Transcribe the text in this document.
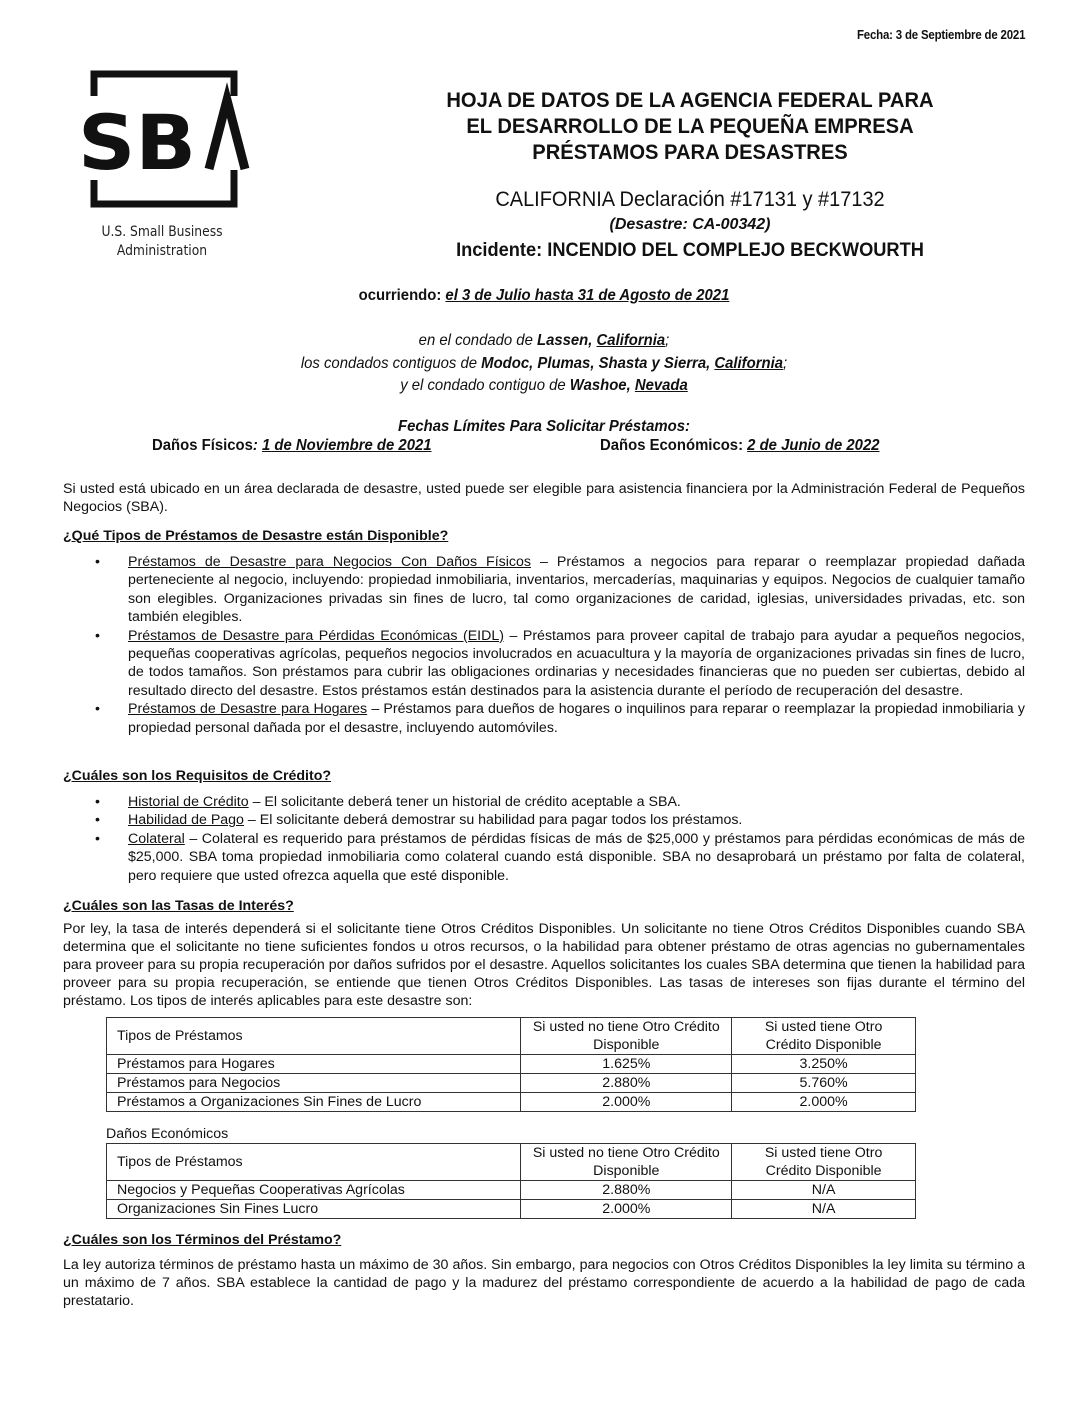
Fecha: 3 de Septiembre de 2021
SB
U.S. Small Business
Administration
HOJA DE DATOS DE LA AGENCIA FEDERAL PARA
EL DESARROLLO DE LA PEQUEÑA EMPRESA
PRÉSTAMOS PARA DESASTRES
CALIFORNIA Declaración #17131 y #17132
(Desastre: CA-00342)
Incidente: INCENDIO DEL COMPLEJO BECKWOURTH
ocurriendo: el 3 de Julio hasta 31 de Agosto de 2021
en el condado de Lassen, California;
los condados contiguos de Modoc, Plumas, Shasta y Sierra, California;
y el condado contiguo de Washoe, Nevada
Fechas Límites Para Solicitar Préstamos:
Daños Físicos: 1 de Noviembre de 2021	Daños Económicos: 2 de Junio de 2022
Si usted está ubicado en un área declarada de desastre, usted puede ser elegible para asistencia financiera por la Administración Federal de Pequeños Negocios (SBA).
¿Qué Tipos de Préstamos de Desastre están Disponible?
• Préstamos de Desastre para Negocios Con Daños Físicos – Préstamos a negocios para reparar o reemplazar propiedad dañada perteneciente al negocio, incluyendo: propiedad inmobiliaria, inventarios, mercaderías, maquinarias y equipos. Negocios de cualquier tamaño son elegibles. Organizaciones privadas sin fines de lucro, tal como organizaciones de caridad, iglesias, universidades privadas, etc. son también elegibles.
• Préstamos de Desastre para Pérdidas Económicas (EIDL) – Préstamos para proveer capital de trabajo para ayudar a pequeños negocios, pequeñas cooperativas agrícolas, pequeños negocios involucrados en acuacultura y la mayoría de organizaciones privadas sin fines de lucro, de todos tamaños. Son préstamos para cubrir las obligaciones ordinarias y necesidades financieras que no pueden ser cubiertas, debido al resultado directo del desastre. Estos préstamos están destinados para la asistencia durante el período de recuperación del desastre.
• Préstamos de Desastre para Hogares – Préstamos para dueños de hogares o inquilinos para reparar o reemplazar la propiedad inmobiliaria y propiedad personal dañada por el desastre, incluyendo automóviles.
¿Cuáles son los Requisitos de Crédito?
• Historial de Crédito – El solicitante deberá tener un historial de crédito aceptable a SBA.
• Habilidad de Pago – El solicitante deberá demostrar su habilidad para pagar todos los préstamos.
• Colateral – Colateral es requerido para préstamos de pérdidas físicas de más de $25,000 y préstamos para pérdidas económicas de más de $25,000. SBA toma propiedad inmobiliaria como colateral cuando está disponible. SBA no desaprobará un préstamo por falta de colateral, pero requiere que usted ofrezca aquella que esté disponible.
¿Cuáles son las Tasas de Interés?
Por ley, la tasa de interés dependerá si el solicitante tiene Otros Créditos Disponibles. Un solicitante no tiene Otros Créditos Disponibles cuando SBA determina que el solicitante no tiene suficientes fondos u otros recursos, o la habilidad para obtener préstamo de otras agencias no gubernamentales para proveer para su propia recuperación por daños sufridos por el desastre. Aquellos solicitantes los cuales SBA determina que tienen la habilidad para proveer para su propia recuperación, se entiende que tienen Otros Créditos Disponibles. Las tasas de intereses son fijas durante el término del préstamo. Los tipos de interés aplicables para este desastre son:
Tipos de Préstamos	Si usted no tiene Otro Crédito Disponible	Si usted tiene Otro Crédito Disponible
Préstamos para Hogares	1.625%	3.250%
Préstamos para Negocios	2.880%	5.760%
Préstamos a Organizaciones Sin Fines de Lucro	2.000%	2.000%
Daños Económicos
Tipos de Préstamos	Si usted no tiene Otro Crédito Disponible	Si usted tiene Otro Crédito Disponible
Negocios y Pequeñas Cooperativas Agrícolas	2.880%	N/A
Organizaciones Sin Fines Lucro	2.000%	N/A
¿Cuáles son los Términos del Préstamo?
La ley autoriza términos de préstamo hasta un máximo de 30 años. Sin embargo, para negocios con Otros Créditos Disponibles la ley limita su término a un máximo de 7 años. SBA establece la cantidad de pago y la madurez del préstamo correspondiente de acuerdo a la habilidad de pago de cada prestatario.
